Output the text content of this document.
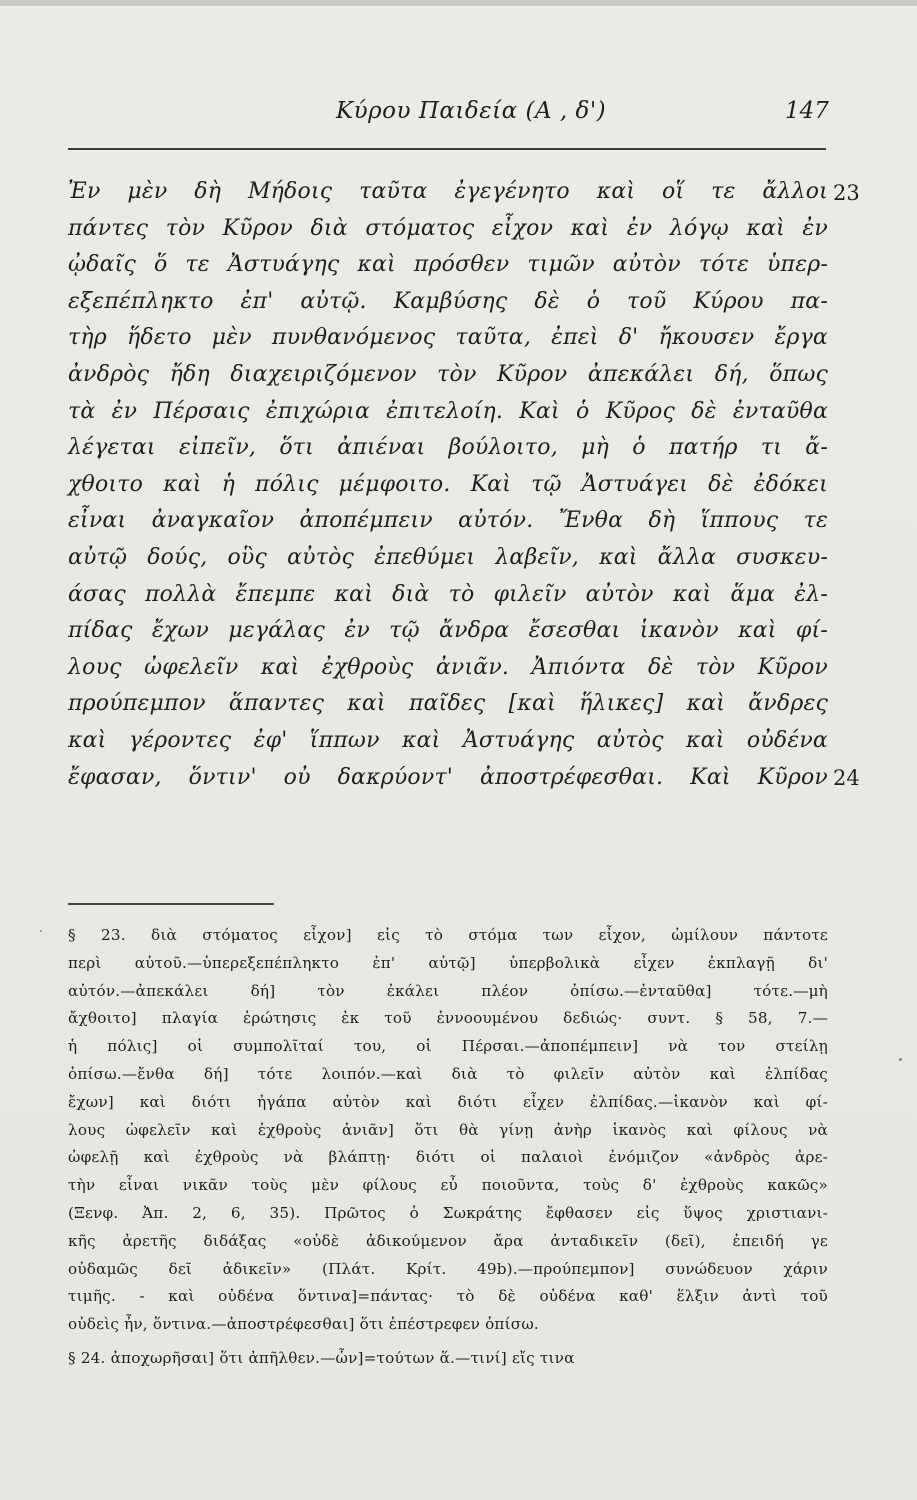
Κύρου Παιδεία (Α , δ')	147
Ἐν μὲν δὴ Μήδοις ταῦτα ἐγεγένητο καὶ οἵ τε ἄλλοι
πάντες τὸν Κῦρον διὰ στόματος εἶχον καὶ ἐν λόγῳ καὶ ἐν
ᾠδαῖς ὅ τε Ἀστυάγης καὶ πρόσθεν τιμῶν αὐτὸν τότε ὑπερ-
εξεπέπληκτο ἐπ' αὐτῷ. Καμβύσης δὲ ὁ τοῦ Κύρου πα-
τὴρ ἥδετο μὲν πυνθανόμενος ταῦτα, ἐπεὶ δ' ἤκουσεν ἔργα
ἀνδρὸς ἤδη διαχειριζόμενον τὸν Κῦρον ἀπεκάλει δή, ὅπως
τὰ ἐν Πέρσαις ἐπιχώρια ἐπιτελοίη. Καὶ ὁ Κῦρος δὲ ἐνταῦθα
λέγεται εἰπεῖν, ὅτι ἀπιέναι βούλοιτο, μὴ ὁ πατήρ τι ἄ-
χθοιτο καὶ ἡ πόλις μέμφοιτο. Καὶ τῷ Ἀστυάγει δὲ ἐδόκει
εἶναι ἀναγκαῖον ἀποπέμπειν αὐτόν. Ἔνθα δὴ ἵππους τε
αὐτῷ δούς, οὓς αὐτὸς ἐπεθύμει λαβεῖν, καὶ ἄλλα συσκευ-
άσας πολλὰ ἔπεμπε καὶ διὰ τὸ φιλεῖν αὐτὸν καὶ ἅμα ἐλ-
πίδας ἔχων μεγάλας ἐν τῷ ἄνδρα ἔσεσθαι ἱκανὸν καὶ φί-
λους ὠφελεῖν καὶ ἐχθροὺς ἀνιᾶν. Ἀπιόντα δὲ τὸν Κῦρον
προύπεμπον ἅπαντες καὶ παῖδες [καὶ ἥλικες] καὶ ἄνδρες
καὶ γέροντες ἐφ' ἵππων καὶ Ἀστυάγης αὐτὸς καὶ οὐδένα
ἔφασαν, ὅντιν' οὐ δακρύοντ' ἀποστρέφεσθαι. Καὶ Κῦρον
23
24
§ 23. διὰ στόματος εἶχον] εἰς τὸ στόμα των εἶχον, ὡμίλουν πάντοτε
περὶ αὐτοῦ.—ὑπερεξεπέπληκτο ἐπ' αὐτῷ] ὑπερβολικὰ εἶχεν ἐκπλαγῇ δι'
αὐτόν.—ἀπεκάλει δή] τὸν ἐκάλει πλέον ὀπίσω.—ἐνταῦθα] τότε.—μὴ
ἄχθοιτο] πλαγία ἐρώτησις ἐκ τοῦ ἐννοουμένου δεδιώς· συντ. § 58, 7.—
ἡ πόλις] οἱ συμπολῖταί του, οἱ Πέρσαι.—ἀποπέμπειν] νὰ τον στείλῃ
ὀπίσω.—ἔνθα δή] τότε λοιπόν.—καὶ διὰ τὸ φιλεῖν αὐτὸν καὶ ἐλπίδας
ἔχων] καὶ διότι ἠγάπα αὐτὸν καὶ διότι εἶχεν ἐλπίδας.—ἱκανὸν καὶ φί-
λους ὠφελεῖν καὶ ἐχθροὺς ἀνιᾶν] ὅτι θὰ γίνῃ ἀνὴρ ἱκανὸς καὶ φίλους νὰ
ὠφελῇ καὶ ἐχθροὺς νὰ βλάπτῃ· διότι οἱ παλαιοὶ ἐνόμιζον «ἀνδρὸς ἀρε-
τὴν εἶναι νικᾶν τοὺς μὲν φίλους εὖ ποιοῦντα, τοὺς δ' ἐχθροὺς κακῶς»
(Ξενφ. Ἀπ. 2, 6, 35). Πρῶτος ὁ Σωκράτης ἔφθασεν εἰς ὕψος χριστιανι-
κῆς ἀρετῆς διδάξας «οὐδὲ ἀδικούμενον ἄρα ἀνταδικεῖν (δεῖ), ἐπειδή γε
οὐδαμῶς δεῖ ἀδικεῖν» (Πλάτ. Κρίτ. 49b).—προύπεμπον] συνώδευον χάριν
τιμῆς. - καὶ οὐδένα ὅντινα]=πάντας· τὸ δὲ οὐδένα καθ' ἕλξιν ἀντὶ τοῦ
οὐδεὶς ἦν, ὅντινα.—ἀποστρέφεσθαι] ὅτι ἐπέστρεφεν ὀπίσω.
§ 24. ἀποχωρῆσαι] ὅτι ἀπῆλθεν.—ὧν]=τούτων ἅ.—τινί] εἴς τινα
